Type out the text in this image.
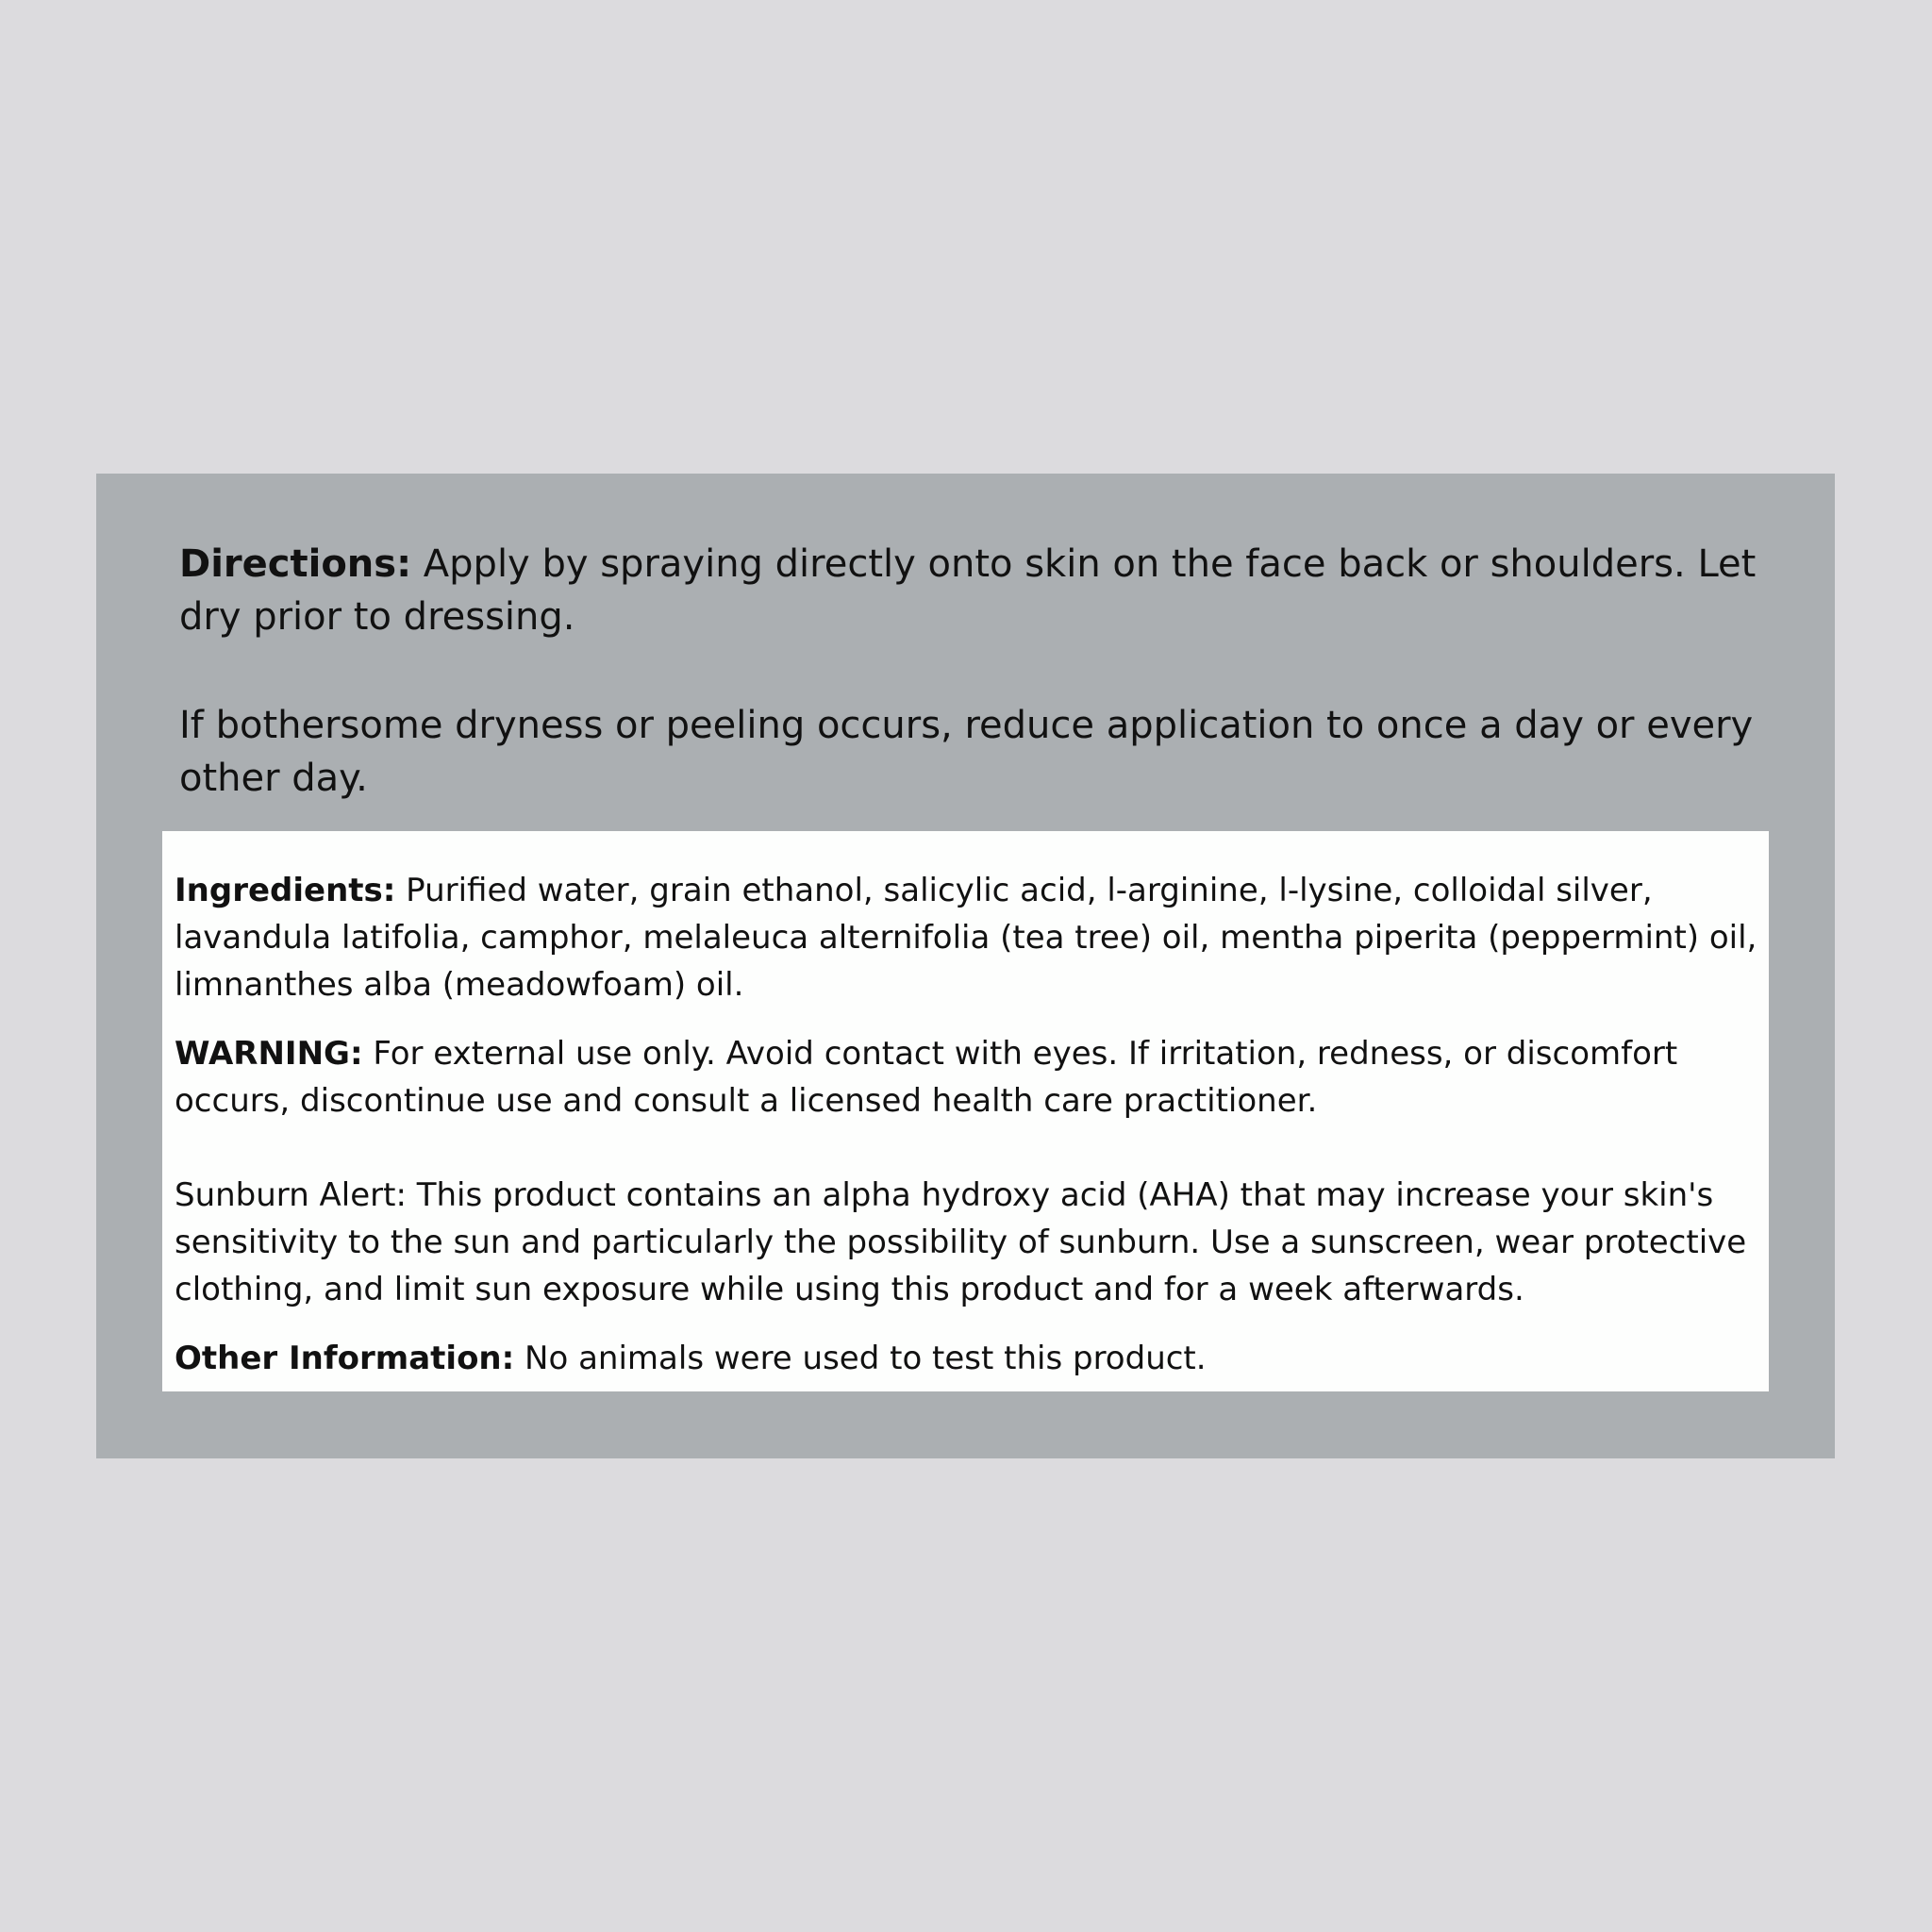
Directions: Apply by spraying directly onto skin on the face back or shoulders. Let dry prior to dressing.

If bothersome dryness or peeling occurs, reduce application to once a day or every other day.

Ingredients: Purified water, grain ethanol, salicylic acid, l-arginine, l-lysine, colloidal silver, lavandula latifolia, camphor, melaleuca alternifolia (tea tree) oil, mentha piperita (peppermint) oil, limnanthes alba (meadowfoam) oil.

WARNING: For external use only. Avoid contact with eyes. If irritation, redness, or discomfort occurs, discontinue use and consult a licensed health care practitioner.

Sunburn Alert: This product contains an alpha hydroxy acid (AHA) that may increase your skin's sensitivity to the sun and particularly the possibility of sunburn. Use a sunscreen, wear protective clothing, and limit sun exposure while using this product and for a week afterwards.

Other Information: No animals were used to test this product.
